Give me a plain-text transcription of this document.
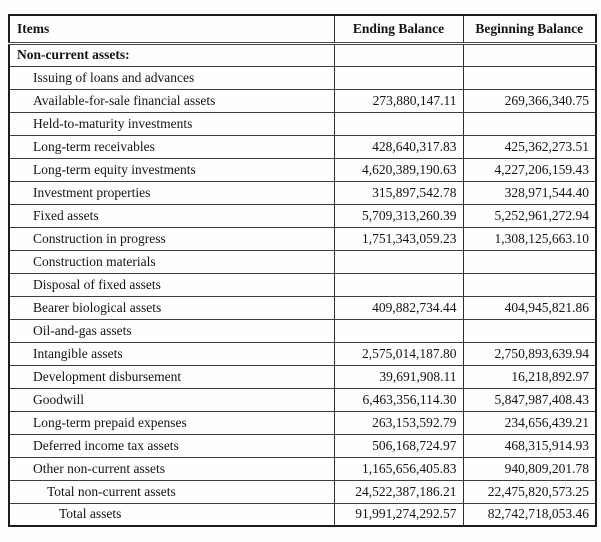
Items	Ending Balance	Beginning Balance
Non-current assets:		
Issuing of loans and advances		
Available-for-sale financial assets	273,880,147.11	269,366,340.75
Held-to-maturity investments		
Long-term receivables	428,640,317.83	425,362,273.51
Long-term equity investments	4,620,389,190.63	4,227,206,159.43
Investment properties	315,897,542.78	328,971,544.40
Fixed assets	5,709,313,260.39	5,252,961,272.94
Construction in progress	1,751,343,059.23	1,308,125,663.10
Construction materials		
Disposal of fixed assets		
Bearer biological assets	409,882,734.44	404,945,821.86
Oil-and-gas assets		
Intangible assets	2,575,014,187.80	2,750,893,639.94
Development disbursement	39,691,908.11	16,218,892.97
Goodwill	6,463,356,114.30	5,847,987,408.43
Long-term prepaid expenses	263,153,592.79	234,656,439.21
Deferred income tax assets	506,168,724.97	468,315,914.93
Other non-current assets	1,165,656,405.83	940,809,201.78
Total non-current assets	24,522,387,186.21	22,475,820,573.25
Total assets	91,991,274,292.57	82,742,718,053.46
